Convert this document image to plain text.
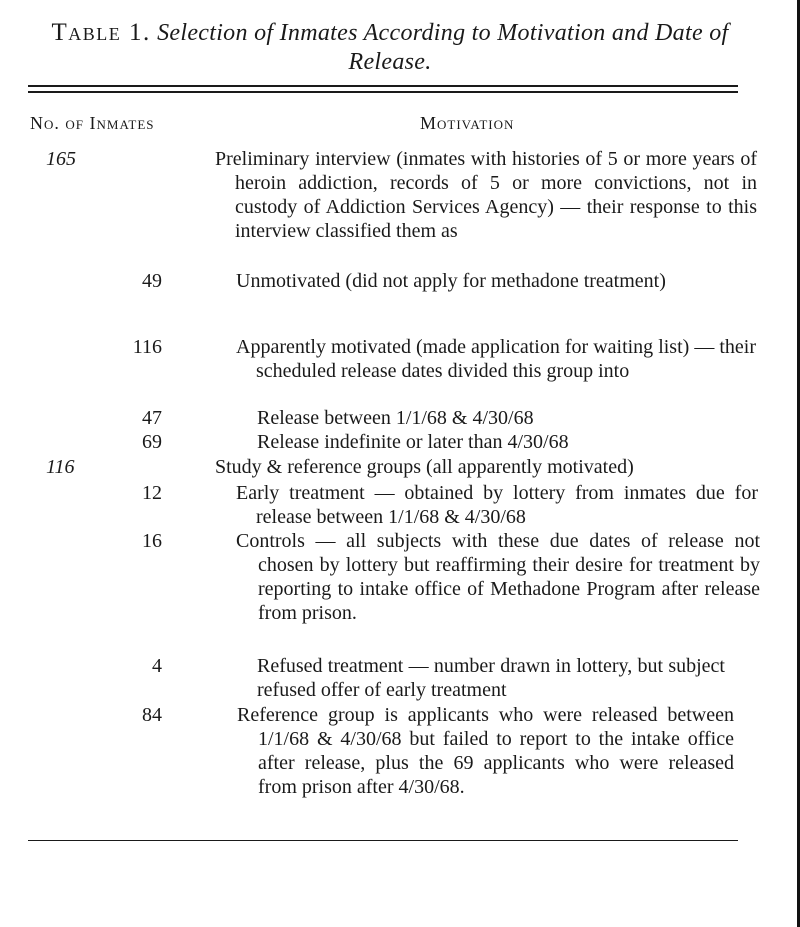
Table 1. Selection of Inmates According to Motivation and Date of Release.
No. of Inmates	Motivation
165	Preliminary interview (inmates with histories of 5 or more years of heroin addiction, records of 5 or more convictions, not in custody of Addiction Services Agency) — their response to this interview classified them as
49	Unmotivated (did not apply for methadone treatment)
116	Apparently motivated (made application for waiting list) — their scheduled release dates divided this group into
47	Release between 1/1/68 & 4/30/68
69	Release indefinite or later than 4/30/68
116	Study & reference groups (all apparently motivated)
12	Early treatment — obtained by lottery from inmates due for release between 1/1/68 & 4/30/68
16	Controls — all subjects with these due dates of release not chosen by lottery but reaffirming their desire for treatment by reporting to intake office of Methadone Program after release from prison.
4	Refused treatment — number drawn in lottery, but subject refused offer of early treatment
84	Reference group is applicants who were released between 1/1/68 & 4/30/68 but failed to report to the intake office after release, plus the 69 applicants who were released from prison after 4/30/68.
